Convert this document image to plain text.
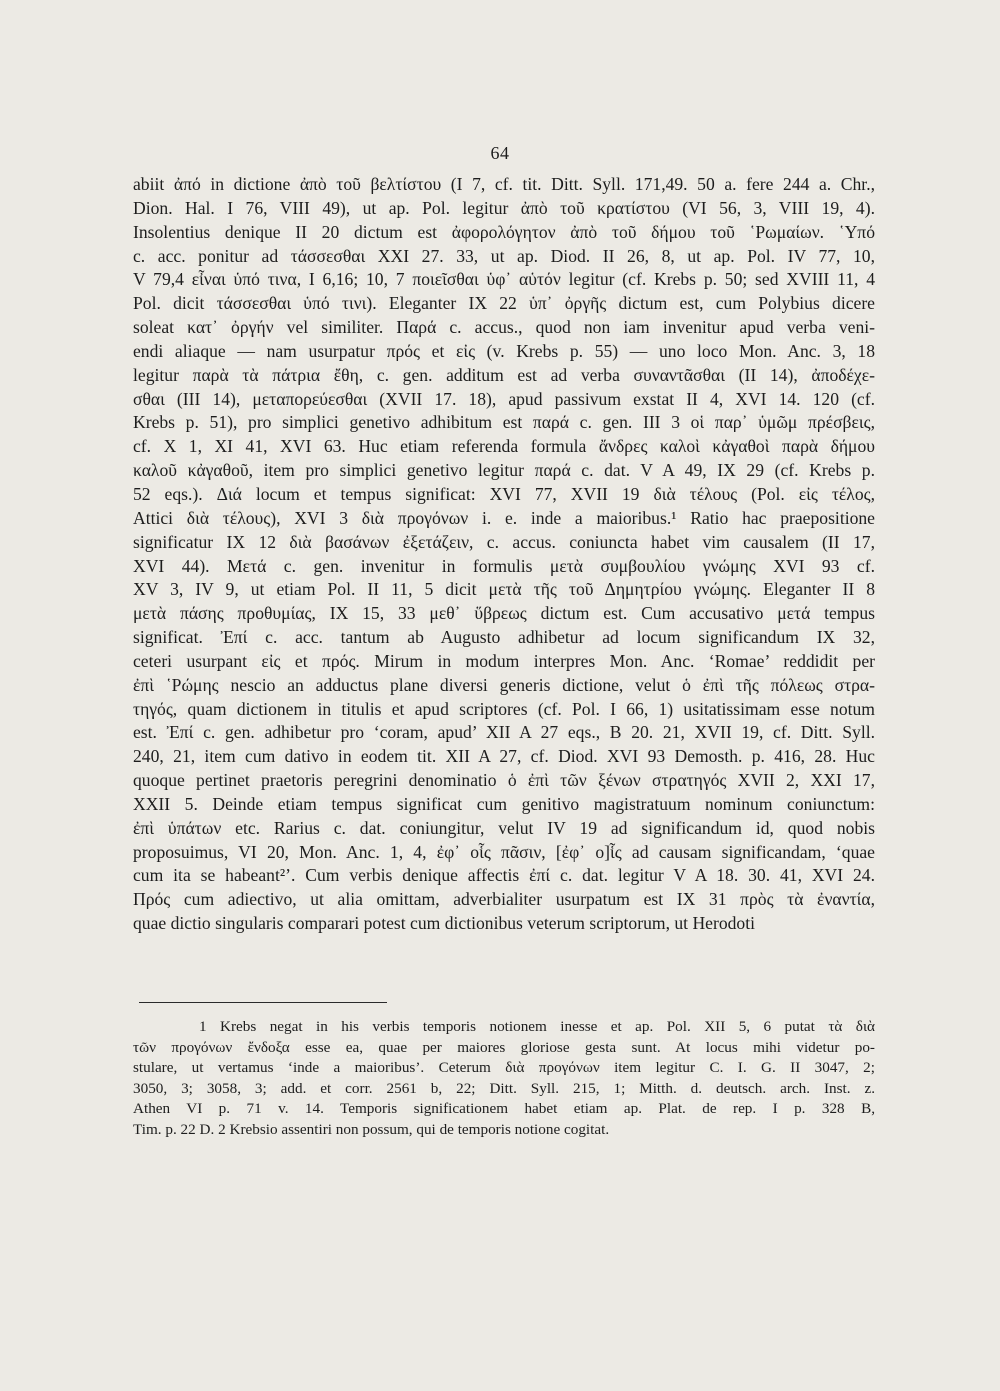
64
abiit ἀπό in dictione ἀπὸ τοῦ βελτίστου (I 7, cf. tit. Ditt. Syll. 171,49. 50 a. fere 244 a. Chr.,
Dion. Hal. I 76, VIII 49), ut ap. Pol. legitur ἀπὸ τοῦ κρατίστου (VI 56, 3, VIII 19, 4).
Insolentius denique II 20 dictum est ἀφορολόγητον ἀπὸ τοῦ δήμου τοῦ ῾Ρωμαίων. ῾Υπό
c. acc. ponitur ad τάσσεσθαι XXI 27. 33, ut ap. Diod. II 26, 8, ut ap. Pol. IV 77, 10,
V 79,4 εἶναι ὑπό τινα, I 6,16; 10, 7 ποιεῖσθαι ὑφ᾽ αὑτόν legitur (cf. Krebs p. 50; sed XVIII 11, 4
Pol. dicit τάσσεσθαι ὑπό τινι). Eleganter IX 22 ὑπ᾽ ὀργῆς dictum est, cum Polybius dicere
soleat κατ᾽ ὀργήν vel similiter. Παρά c. accus., quod non iam invenitur apud verba veni-
endi aliaque — nam usurpatur πρός et εἰς (v. Krebs p. 55) — uno loco Mon. Anc. 3, 18
legitur παρὰ τὰ πάτρια ἔθη, c. gen. additum est ad verba συναντᾶσθαι (II 14), ἀποδέχε-
σθαι (III 14), μεταπορεύεσθαι (XVII 17. 18), apud passivum exstat II 4, XVI 14. 120 (cf.
Krebs p. 51), pro simplici genetivo adhibitum est παρά c. gen. III 3 οἱ παρ᾽ ὑμῶμ πρέσβεις,
cf. X 1, XI 41, XVI 63. Huc etiam referenda formula ἄνδρες καλοὶ κἀγαθοὶ παρὰ δήμου
καλοῦ κἀγαθοῦ, item pro simplici genetivo legitur παρά c. dat. V A 49, IX 29 (cf. Krebs p.
52 eqs.). Διά locum et tempus significat: XVI 77, XVII 19 διὰ τέλους (Pol. εἰς τέλος,
Attici διὰ τέλους), XVI 3 διὰ προγόνων i. e. inde a maioribus.¹ Ratio hac praepositione
significatur IX 12 διὰ βασάνων ἐξετάζειν, c. accus. coniuncta habet vim causalem (II 17,
XVI 44). Μετά c. gen. invenitur in formulis μετὰ συμβουλίου γνώμης XVI 93 cf.
XV 3, IV 9, ut etiam Pol. II 11, 5 dicit μετὰ τῆς τοῦ Δημητρίου γνώμης. Eleganter II 8
μετὰ πάσης προθυμίας, IX 15, 33 μεθ᾽ ὕβρεως dictum est. Cum accusativo μετά tempus
significat. Ἐπί c. acc. tantum ab Augusto adhibetur ad locum significandum IX 32,
ceteri usurpant εἰς et πρός. Mirum in modum interpres Mon. Anc. ‘Romae’ reddidit per
ἐπὶ ῾Ρώμης nescio an adductus plane diversi generis dictione, velut ὁ ἐπὶ τῆς πόλεως στρα-
τηγός, quam dictionem in titulis et apud scriptores (cf. Pol. I 66, 1) usitatissimam esse notum
est. Ἐπί c. gen. adhibetur pro ‘coram, apud’ XII A 27 eqs., B 20. 21, XVII 19, cf. Ditt. Syll.
240, 21, item cum dativo in eodem tit. XII A 27, cf. Diod. XVI 93 Demosth. p. 416, 28. Huc
quoque pertinet praetoris peregrini denominatio ὁ ἐπὶ τῶν ξένων στρατηγός XVII 2, XXI 17,
XXII 5. Deinde etiam tempus significat cum genitivo magistratuum nominum coniunctum:
ἐπὶ ὑπάτων etc. Rarius c. dat. coniungitur, velut IV 19 ad significandum id, quod nobis
proposuimus, VI 20, Mon. Anc. 1, 4, ἐφ᾽ οἷς πᾶσιν, [ἐφ᾽ ο]ἷς ad causam significandam, ‘quae
cum ita se habeant²’. Cum verbis denique affectis ἐπί c. dat. legitur V A 18. 30. 41, XVI 24.
Πρός cum adiectivo, ut alia omittam, adverbialiter usurpatum est IX 31 πρὸς τὰ ἐναντία,
quae dictio singularis comparari potest cum dictionibus veterum scriptorum, ut Herodoti
1 Krebs negat in his verbis temporis notionem inesse et ap. Pol. XII 5, 6 putat τὰ διὰ
τῶν προγόνων ἔνδοξα esse ea, quae per maiores gloriose gesta sunt. At locus mihi videtur po-
stulare, ut vertamus ‘inde a maioribus’. Ceterum διὰ προγόνων item legitur C. I. G. II 3047, 2;
3050, 3; 3058, 3; add. et corr. 2561 b, 22; Ditt. Syll. 215, 1; Mitth. d. deutsch. arch. Inst. z.
Athen VI p. 71 v. 14. Temporis significationem habet etiam ap. Plat. de rep. I p. 328 B,
Tim. p. 22 D. 2 Krebsio assentiri non possum, qui de temporis notione cogitat.
